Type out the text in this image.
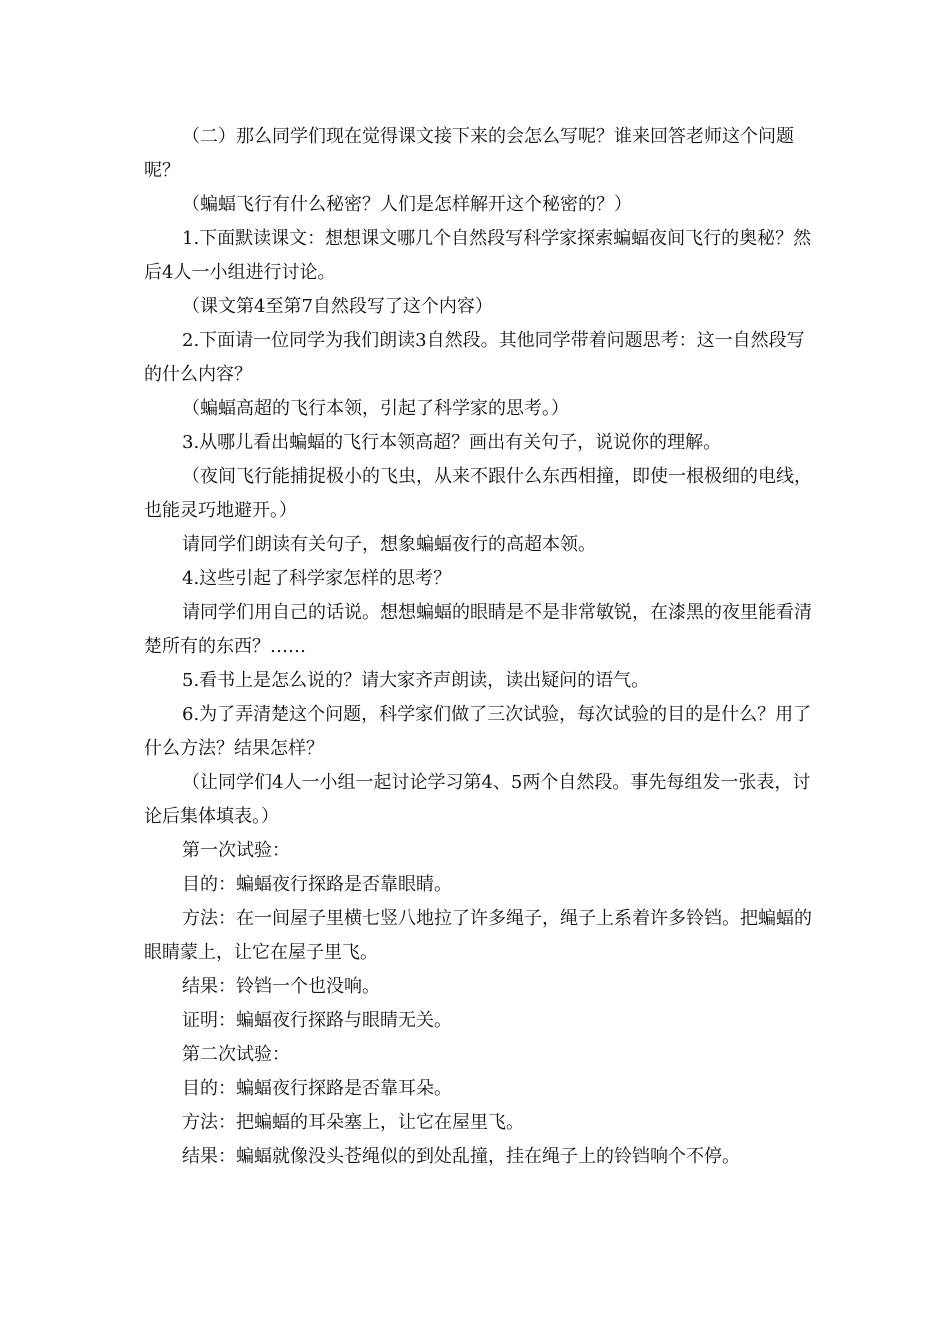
（二）那么同学们现在觉得课文接下来的会怎么写呢？谁来回答老师这个问题呢？

（蝙蝠飞行有什么秘密？人们是怎样解开这个秘密的？）

1.下面默读课文：想想课文哪几个自然段写科学家探索蝙蝠夜间飞行的奥秘？然后4人一小组进行讨论。

（课文第4至第7自然段写了这个内容）

2.下面请一位同学为我们朗读3自然段。其他同学带着问题思考：这一自然段写的什么内容？

（蝙蝠高超的飞行本领，引起了科学家的思考。）

3.从哪儿看出蝙蝠的飞行本领高超？画出有关句子，说说你的理解。

（夜间飞行能捕捉极小的飞虫，从来不跟什么东西相撞，即使一根极细的电线，也能灵巧地避开。）

请同学们朗读有关句子，想象蝙蝠夜行的高超本领。

4.这些引起了科学家怎样的思考？

请同学们用自己的话说。想想蝙蝠的眼睛是不是非常敏锐，在漆黑的夜里能看清楚所有的东西？……

5.看书上是怎么说的？请大家齐声朗读，读出疑问的语气。

6.为了弄清楚这个问题，科学家们做了三次试验，每次试验的目的是什么？用了什么方法？结果怎样？

（让同学们4人一小组一起讨论学习第4、5两个自然段。事先每组发一张表，讨论后集体填表。）

第一次试验：

目的：蝙蝠夜行探路是否靠眼睛。

方法：在一间屋子里横七竖八地拉了许多绳子，绳子上系着许多铃铛。把蝙蝠的眼睛蒙上，让它在屋子里飞。

结果：铃铛一个也没响。

证明：蝙蝠夜行探路与眼睛无关。

第二次试验：

目的：蝙蝠夜行探路是否靠耳朵。

方法：把蝙蝠的耳朵塞上，让它在屋里飞。

结果：蝙蝠就像没头苍绳似的到处乱撞，挂在绳子上的铃铛响个不停。
